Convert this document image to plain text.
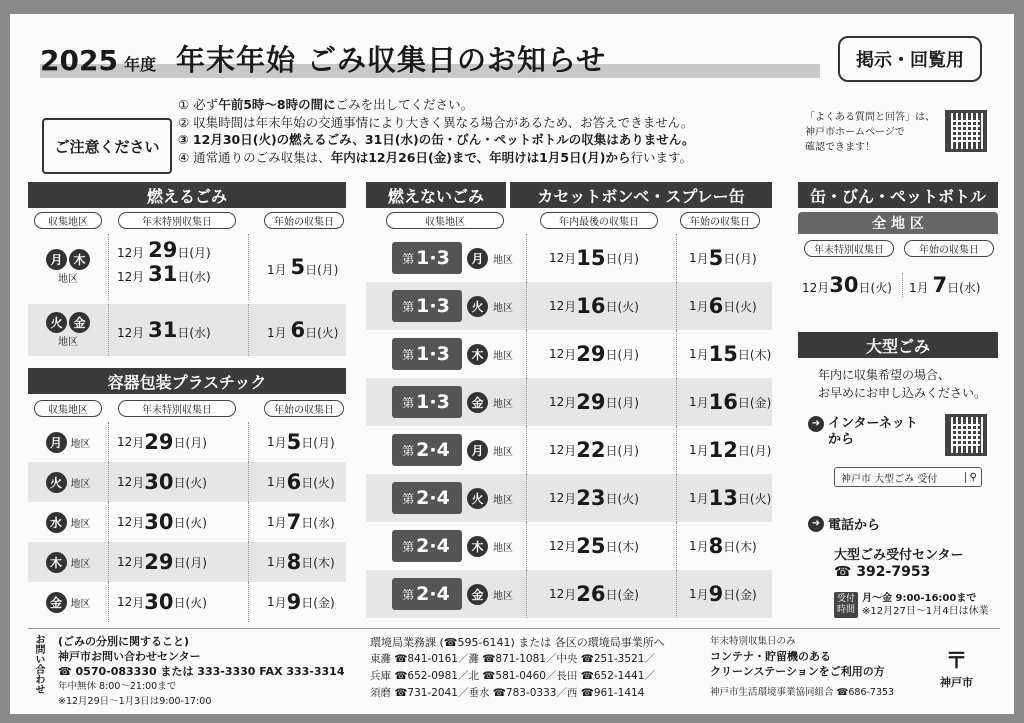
2025 年度 年末年始 ごみ収集日のお知らせ	掲示・回覧用
ご注意ください
① 必ず午前5時～8時の間にごみを出してください。
② 収集時間は年末年始の交通事情により大きく異なる場合があるため、お答えできません。
③ 12月30日(火)の燃えるごみ、31日(水)の缶・びん・ペットボトルの収集はありません。
④ 通常通りのごみ収集は、年内は12月26日(金)まで、年明けは1月5日(月)から行います。
「よくある質問と回答」は、
神戸市ホームページで
確認できます！
燃えるごみ
収集地区	年末特別収集日	年始の収集日
月 木
地区
12月 29日(月)
12月 31日(水)	1月 5日(月)
火 金
地区
12月 31日(水)	1月 6日(火)
容器包装プラスチック
収集地区	年末特別収集日	年始の収集日
月 地区 12 月 29 日 (月)	1 月 5 日 (月)
火 地区 12 月 30 日 (火)	1 月 6 日 (火)
水 地区 12 月 30 日 (火)	1 月 7 日 (水)
木 地区 12 月 29 日 (月)	1 月 8 日 (木)
金 地区 12 月 30 日 (火)	1 月 9 日 (金)
燃えないごみ	カセットボンベ・スプレー缶
収集地区	年内最後の収集日	年始の収集日
第 1·3	月 地区	12 月 15 日 (月)	1 月 5 日 (月)
第 1·3	火 地区	12 月 16 日 (火)	1 月 6 日 (火)
第 1·3	木 地区	12 月 29 日 (月)	1 月 15 日 (木)
第 1·3	金 地区	12 月 29 日 (月)	1 月 16 日 (金)
第 2·4	月 地区	12 月 22 日 (月)	1 月 12 日 (月)
第 2·4	火 地区	12 月 23 日 (火)	1 月 13 日 (火)
第 2·4	木 地区	12 月 25 日 (木)	1 月 8 日 (木)
第 2·4	金 地区	12 月 26 日 (金)	1 月 9 日 (金)
缶・びん・ペットボトル
全 地 区
年末特別収集日	年始の収集日
12月30日(火)	1月 7日(水)
大型ごみ
年内に収集希望の場合、
お早めにお申し込みください。
➜ インターネット
から
神戸市 大型ごみ 受付	⚲
➜ 電話から
大型ごみ受付センター
☎ 392-7953
受付
時間
月～金 9:00-16:00まで
※12月27日～1月4日は休業
お問い合わせ (ごみの分別に関すること)
神戸市お問い合わせセンター
☎ 0570-083330 または 333-3330 FAX 333-3314
年中無休 8:00～21:00まで
※12月29日～1月3日は9:00-17:00
環境局業務課 (☎595-6141) または 各区の環境局事業所へ
東灘 ☎841-0161／灘 ☎871-1081／中央 ☎251-3521／
兵庫 ☎652-0981／北 ☎581-0460／長田 ☎652-1441／
須磨 ☎731-2041／垂水 ☎783-0333／西 ☎961-1414
年末特別収集日のみ
コンテナ・貯留機のある
クリーンステーションをご利用の方
神戸市生活環境事業協同組合 ☎686-7353
〒
神戸市
